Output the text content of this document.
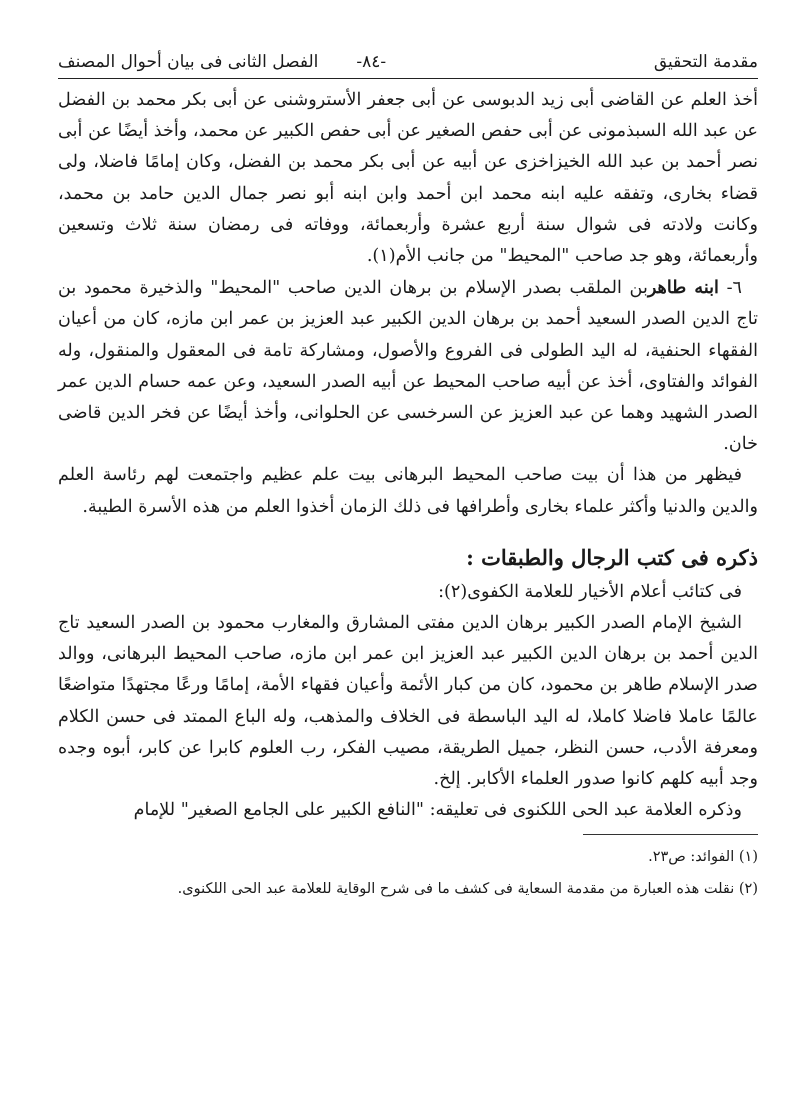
مقدمة التحقيق
-٨٤-
الفصل الثانى فى بيان أحوال المصنف

أخذ العلم عن القاضى أبى زيد الدبوسى عن أبى جعفر الأستروشنى عن أبى بكر محمد بن الفضل عن عبد الله السبذمونى عن أبى حفص الصغير عن أبى حفص الكبير عن محمد، وأخذ أيضًا عن أبى نصر أحمد بن عبد الله الخيزاخزى عن أبيه عن أبى بكر محمد بن الفضل، وكان إمامًا فاضلا، ولى قضاء بخارى، وتفقه عليه ابنه محمد ابن أحمد وابن ابنه أبو نصر جمال الدين حامد بن محمد، وكانت ولادته فى شوال سنة أربع عشرة وأربعمائة، ووفاته فى رمضان سنة ثلاث وتسعين وأربعمائة، وهو جد صاحب "المحيط" من جانب الأم(١).

٦- ابنه طاهربن الملقب بصدر الإسلام بن برهان الدين صاحب "المحيط" والذخيرة محمود بن تاج الدين الصدر السعيد أحمد بن برهان الدين الكبير عبد العزيز بن عمر ابن مازه، كان من أعيان الفقهاء الحنفية، له اليد الطولى فى الفروع والأصول، ومشاركة تامة فى المعقول والمنقول، وله الفوائد والفتاوى، أخذ عن أبيه صاحب المحيط عن أبيه الصدر السعيد، وعن عمه حسام الدين عمر الصدر الشهيد وهما عن عبد العزيز عن السرخسى عن الحلوانى، وأخذ أيضًا عن فخر الدين قاضى خان.

فيظهر من هذا أن بيت صاحب المحيط البرهانى بيت علم عظيم واجتمعت لهم رئاسة العلم والدين والدنيا وأكثر علماء بخارى وأطرافها فى ذلك الزمان أخذوا العلم من هذه الأسرة الطيبة.

ذكره فى كتب الرجال والطبقات :

فى كتائب أعلام الأخيار للعلامة الكفوى(٢):

الشيخ الإمام الصدر الكبير برهان الدين مفتى المشارق والمغارب محمود بن الصدر السعيد تاج الدين أحمد بن برهان الدين الكبير عبد العزيز ابن عمر ابن مازه، صاحب المحيط البرهانى، ووالد صدر الإسلام طاهر بن محمود، كان من كبار الأئمة وأعيان فقهاء الأمة، إمامًا ورعًا مجتهدًا متواضعًا عالمًا عاملا فاضلا كاملا، له اليد الباسطة فى الخلاف والمذهب، وله الباع الممتد فى حسن الكلام ومعرفة الأدب، حسن النظر، جميل الطريقة، مصيب الفكر، رب العلوم كابرا عن كابر، أبوه وجده وجد أبيه كلهم كانوا صدور العلماء الأكابر. إلخ.

وذكره العلامة عبد الحى اللكنوى فى تعليقه: "النافع الكبير على الجامع الصغير" للإمام

(١) الفوائد: ص٢٣.

(٢) نقلت هذه العبارة من مقدمة السعاية فى كشف ما فى شرح الوقاية للعلامة عبد الحى اللكنوى.
